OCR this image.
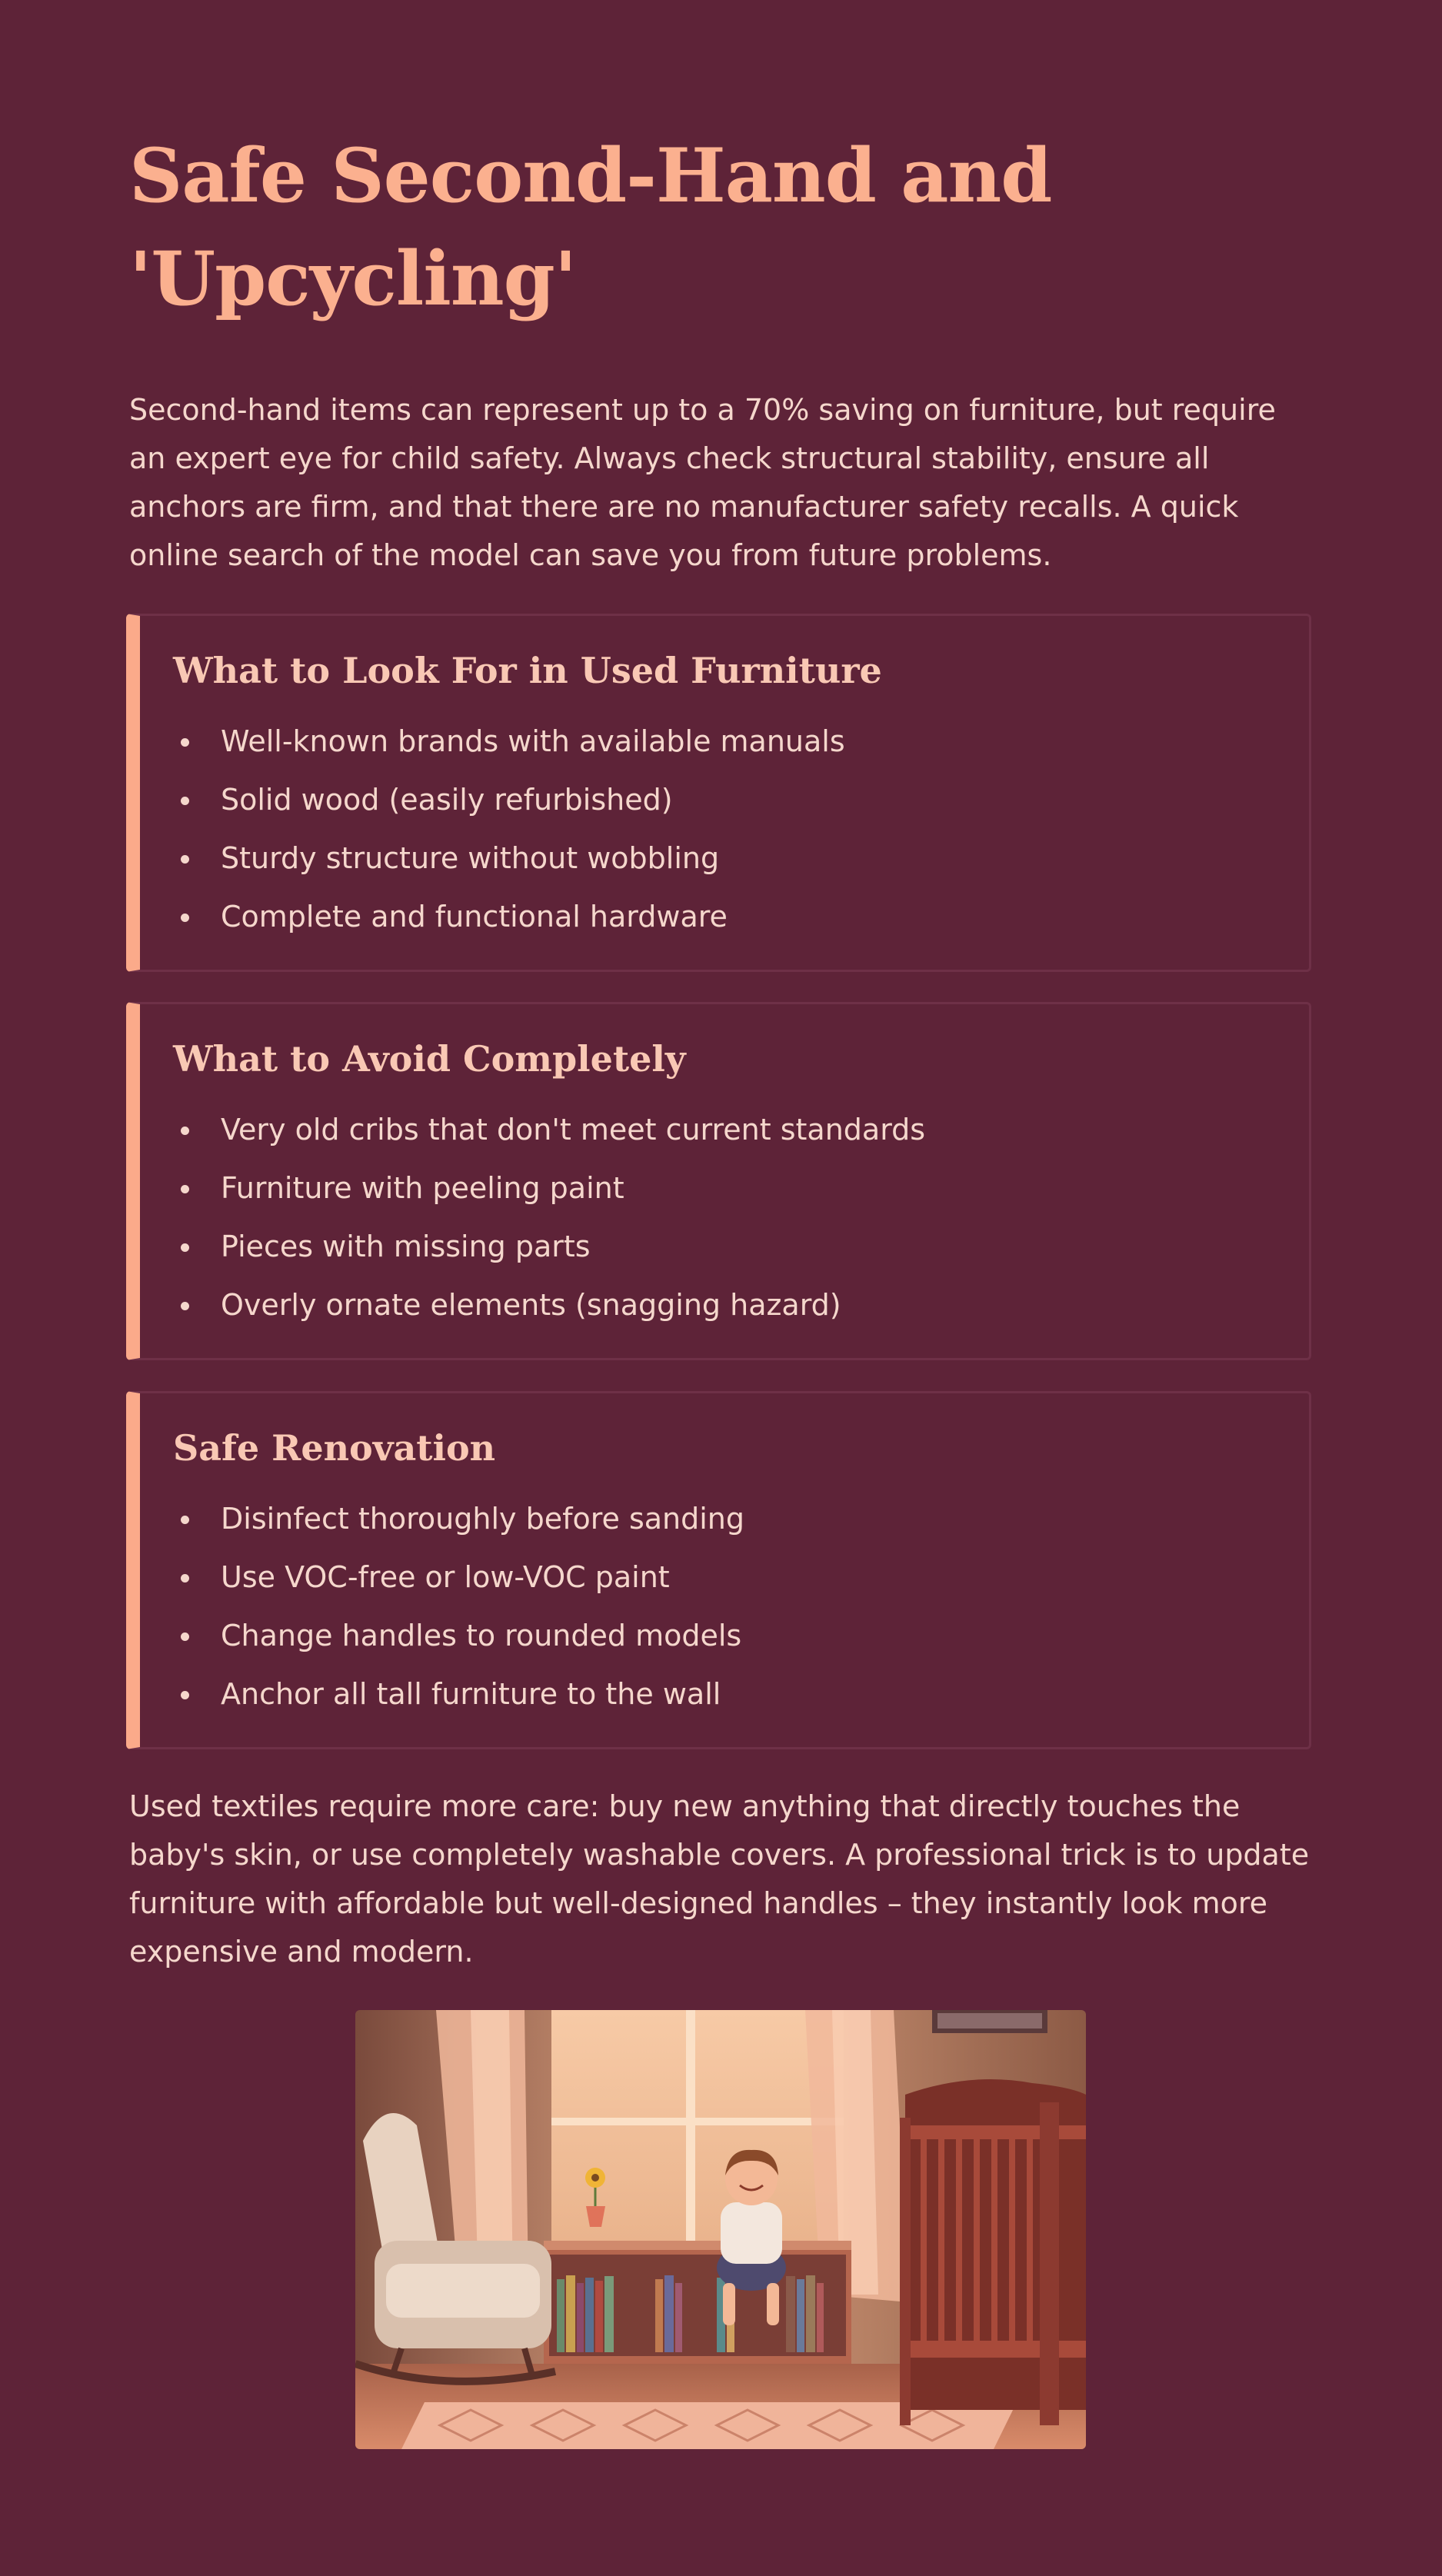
Safe Second-Hand and 'Upcycling'

Second-hand items can represent up to a 70% saving on furniture, but require an expert eye for child safety. Always check structural stability, ensure all anchors are firm, and that there are no manufacturer safety recalls. A quick online search of the model can save you from future problems.

What to Look For in Used Furniture
Well-known brands with available manuals
Solid wood (easily refurbished)
Sturdy structure without wobbling
Complete and functional hardware
What to Avoid Completely
Very old cribs that don't meet current standards
Furniture with peeling paint
Pieces with missing parts
Overly ornate elements (snagging hazard)
Safe Renovation
Disinfect thoroughly before sanding
Use VOC-free or low-VOC paint
Change handles to rounded models
Anchor all tall furniture to the wall

Used textiles require more care: buy new anything that directly touches the baby's skin, or use completely washable covers. A professional trick is to update furniture with affordable but well-designed handles – they instantly look more expensive and modern.
